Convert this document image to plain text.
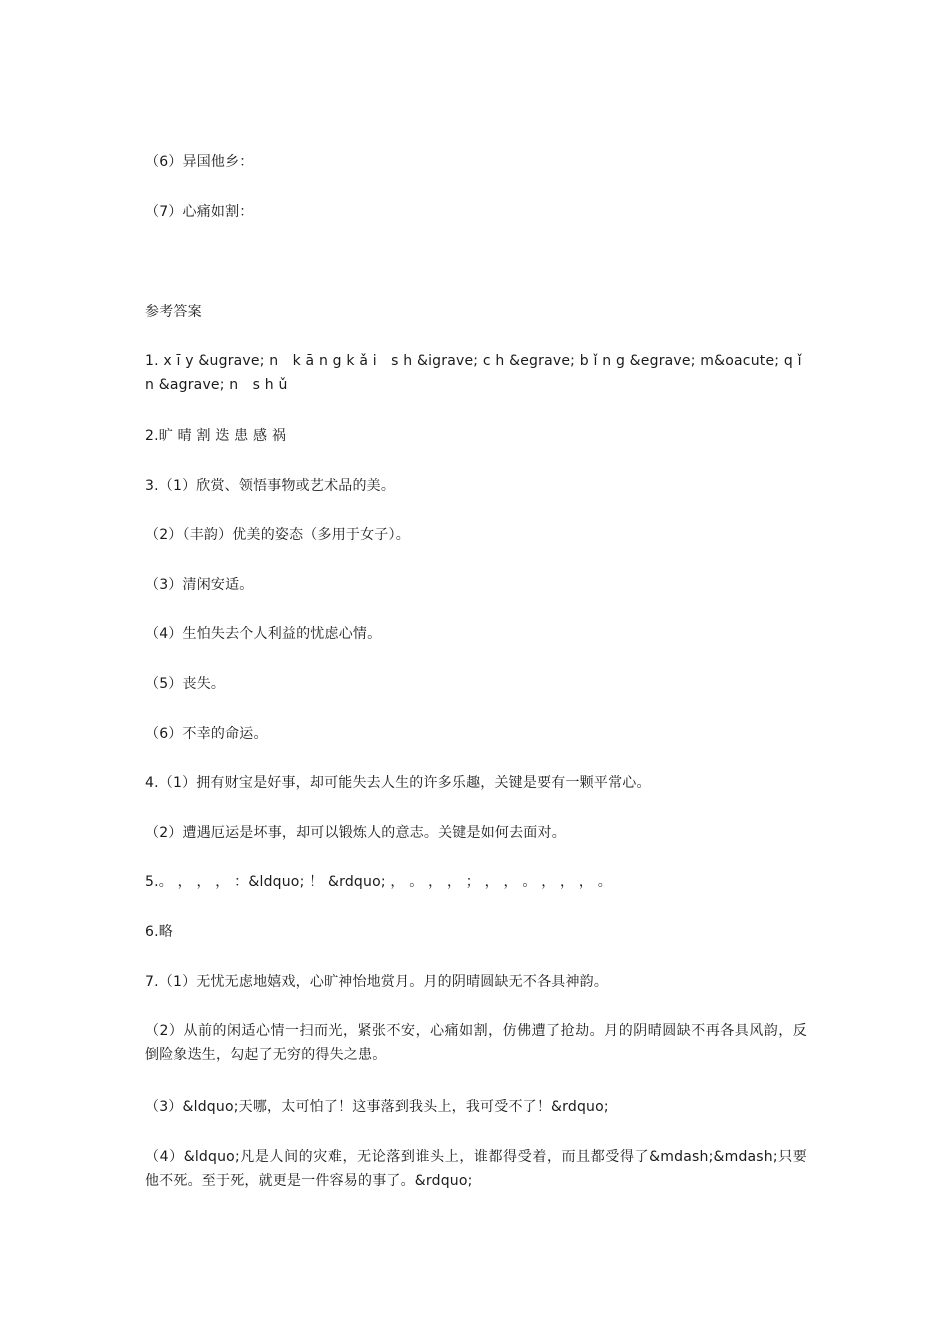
（6）异国他乡：
（7）心痛如割：
参考答案
1. x ī y &ugrave; n　k ā n g k ǎ i　s h &igrave; c h &egrave; b ǐ n g &egrave; m&oacute; q ǐ n &agrave; n　s h ǔ
2.旷 晴 割 迭 患 感 祸
3.（1）欣赏、领悟事物或艺术品的美。
（2）（丰韵）优美的姿态（多用于女子）。
（3）清闲安适。
（4）生怕失去个人利益的忧虑心情。
（5）丧失。
（6）不幸的命运。
4.（1）拥有财宝是好事，却可能失去人生的许多乐趣，关键是要有一颗平常心。
（2）遭遇厄运是坏事，却可以锻炼人的意志。关键是如何去面对。
5.。 ， ， ， ：&ldquo; ！ &rdquo; ， 。 ， ， ； ， ， 。 ， ， ， 。
6.略
7.（1）无忧无虑地嬉戏，心旷神怡地赏月。月的阴晴圆缺无不各具神韵。
（2）从前的闲适心情一扫而光，紧张不安，心痛如割，仿佛遭了抢劫。月的阴晴圆缺不再各具风韵，反倒险象迭生，勾起了无穷的得失之患。
（3）&ldquo;天哪，太可怕了！这事落到我头上，我可受不了！&rdquo;
（4）&ldquo;凡是人间的灾难，无论落到谁头上，谁都得受着，而且都受得了&mdash;&mdash;只要他不死。至于死，就更是一件容易的事了。&rdquo;
